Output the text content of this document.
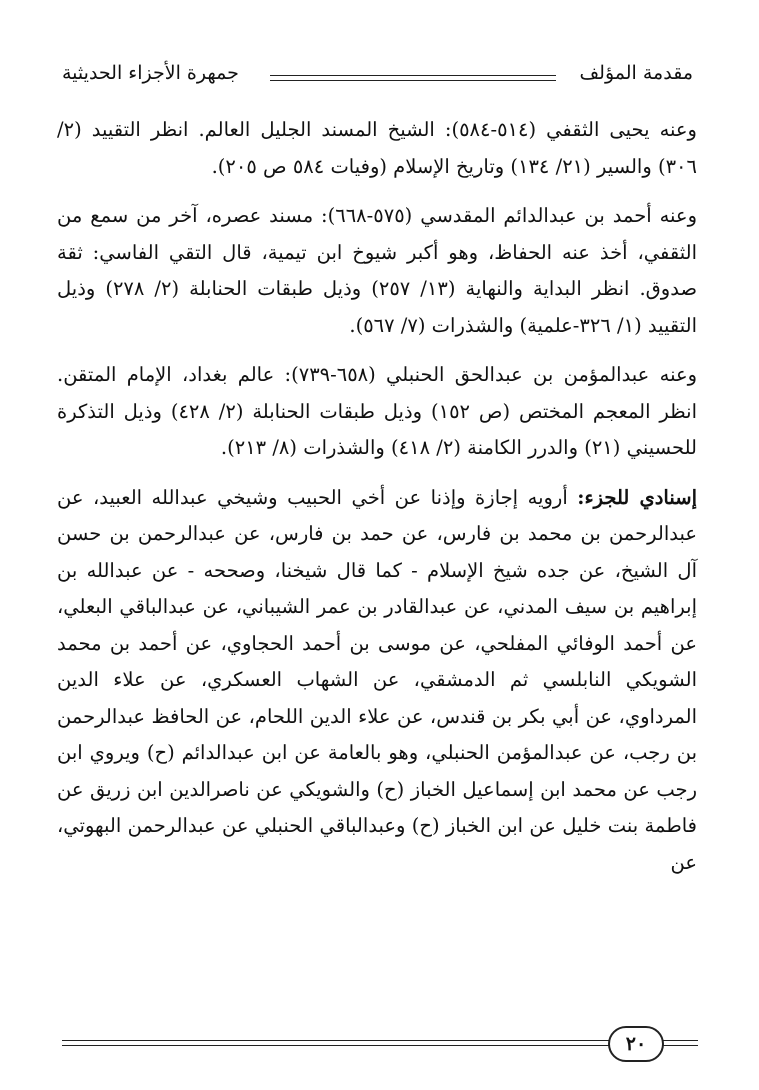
مقدمة المؤلف
جمهرة الأجزاء الحديثية

وعنه يحيى الثقفي (٥١٤-٥٨٤): الشيخ المسند الجليل العالم. انظر التقييد (٢/ ٣٠٦) والسير (٢١/ ١٣٤) وتاريخ الإسلام (وفيات ٥٨٤ ص ٢٠٥).

وعنه أحمد بن عبدالدائم المقدسي (٥٧٥-٦٦٨): مسند عصره، آخر من سمع من الثقفي، أخذ عنه الحفاظ، وهو أكبر شيوخ ابن تيمية، قال التقي الفاسي: ثقة صدوق. انظر البداية والنهاية (١٣/ ٢٥٧) وذيل طبقات الحنابلة (٢/ ٢٧٨) وذيل التقييد (١/ ٣٢٦-علمية) والشذرات (٧/ ٥٦٧).

وعنه عبدالمؤمن بن عبدالحق الحنبلي (٦٥٨-٧٣٩): عالم بغداد، الإمام المتقن. انظر المعجم المختص (ص ١٥٢) وذيل طبقات الحنابلة (٢/ ٤٢٨) وذيل التذكرة للحسيني (٢١) والدرر الكامنة (٢/ ٤١٨) والشذرات (٨/ ٢١٣).

إسنادي للجزء: أرويه إجازة وإذنا عن أخي الحبيب وشيخي عبدالله العبيد، عن عبدالرحمن بن محمد بن فارس، عن حمد بن فارس، عن عبدالرحمن بن حسن آل الشيخ، عن جده شيخ الإسلام - كما قال شيخنا، وصححه - عن عبدالله بن إبراهيم بن سيف المدني، عن عبدالقادر بن عمر الشيباني، عن عبدالباقي البعلي، عن أحمد الوفائي المفلحي، عن موسى بن أحمد الحجاوي، عن أحمد بن محمد الشويكي النابلسي ثم الدمشقي، عن الشهاب العسكري، عن علاء الدين المرداوي، عن أبي بكر بن قندس، عن علاء الدين اللحام، عن الحافظ عبدالرحمن بن رجب، عن عبدالمؤمن الحنبلي، وهو بالعامة عن ابن عبدالدائم (ح) ويروي ابن رجب عن محمد ابن إسماعيل الخباز (ح) والشويكي عن ناصرالدين ابن زريق عن فاطمة بنت خليل عن ابن الخباز (ح) وعبدالباقي الحنبلي عن عبدالرحمن البهوتي، عن

٢٠
